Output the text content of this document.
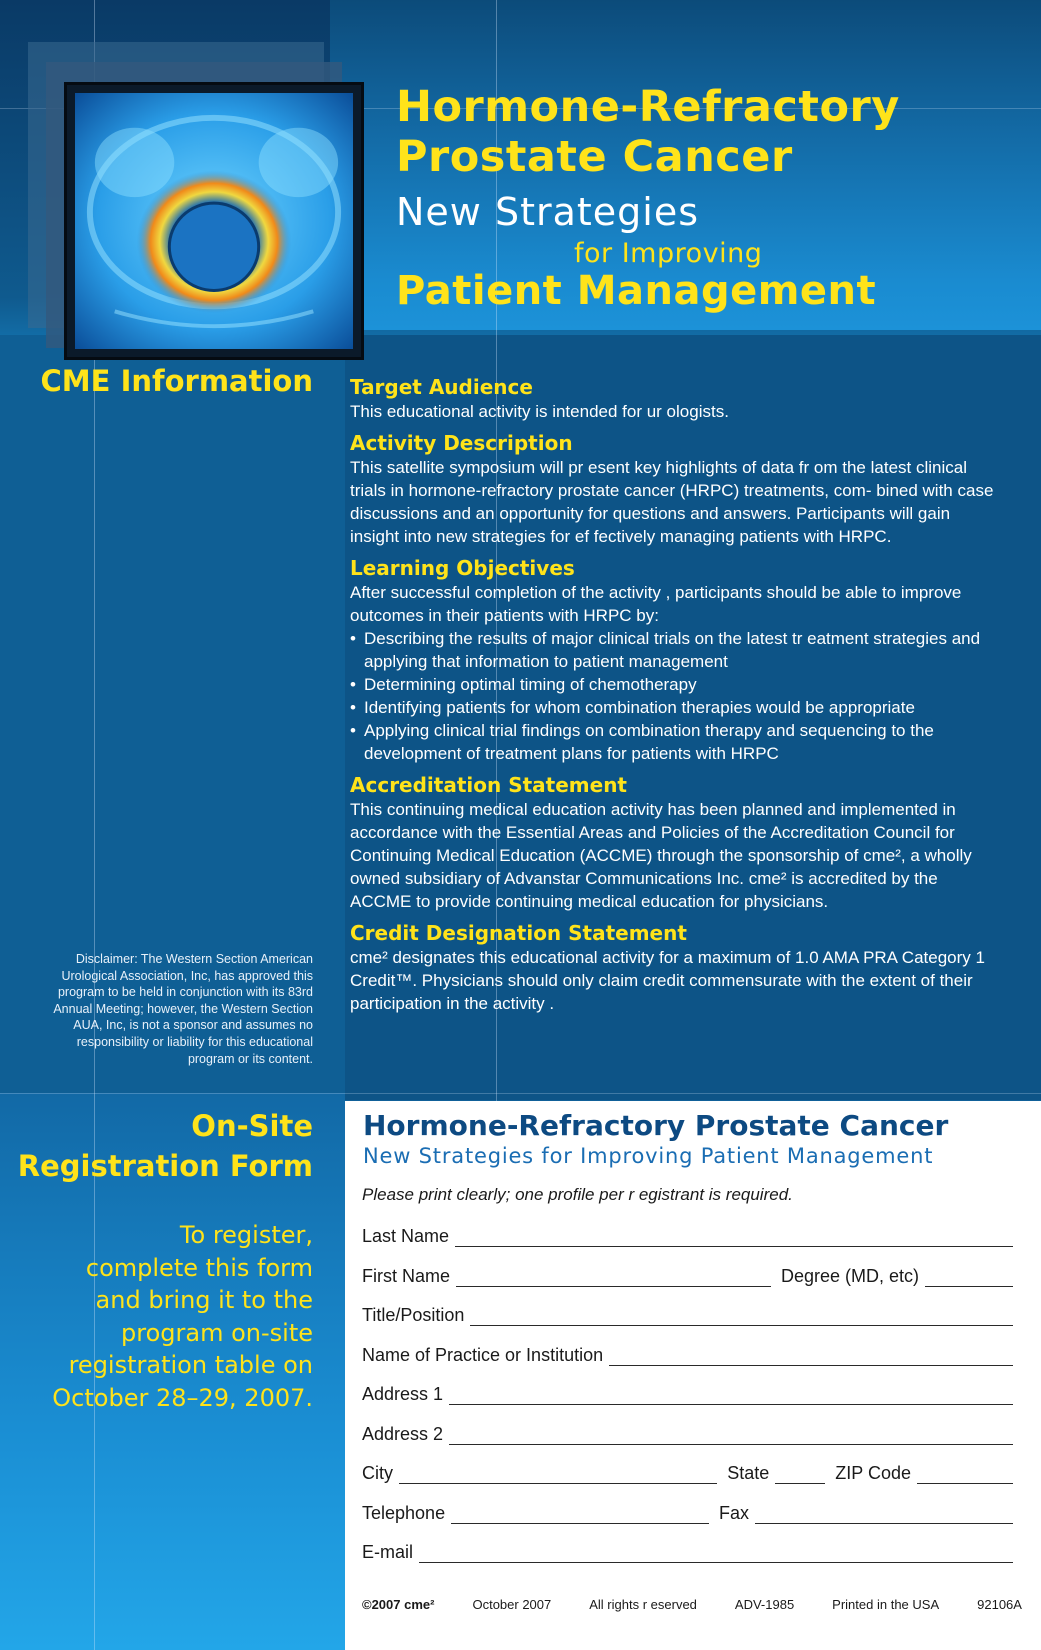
Hormone-Refractory
Prostate Cancer
New Strategies
for Improving
Patient Management
CME Information Target Audience

This educational activity is intended for ur ologists.

Activity Description

This satellite symposium will pr esent key highlights of data fr om the latest clinical trials in hormone-refractory prostate cancer (HRPC) treatments, com- bined with case discussions and an opportunity for questions and answers. Participants will gain insight into new strategies for ef fectively managing patients with HRPC.

Learning Objectives

After successful completion of the activity , participants should be able to improve outcomes in their patients with HRPC by:

• Describing the results of major clinical trials on the latest tr eatment strategies and applying that information to patient management
• Determining optimal timing of chemotherapy
• Identifying patients for whom combination therapies would be appropriate
• Applying clinical trial findings on combination therapy and sequencing to the development of treatment plans for patients with HRPC
Accreditation Statement

This continuing medical education activity has been planned and implemented in accordance with the Essential Areas and Policies of the Accreditation Council for Continuing Medical Education (ACCME) through the sponsorship of cme², a wholly owned subsidiary of Advanstar Communications Inc. cme² is accredited by the ACCME to provide continuing medical education for physicians.

Credit Designation Statement

cme² designates this educational activity for a maximum of 1.0 AMA PRA Category 1 Credit™. Physicians should only claim credit commensurate with the extent of their participation in the activity .

Disclaimer: The Western Section American Urological Association, Inc, has approved this program to be held in conjunction with its 83rd Annual Meeting; however, the Western Section AUA, Inc, is not a sponsor and assumes no responsibility or liability for this educational program or its content.
On-Site
Registration Form
To register,
complete this form
and bring it to the
program on-site
registration table on
October 28–29, 2007.
Hormone-Refractory Prostate Cancer
New Strategies for Improving Patient Management
Please print clearly; one profile per r egistrant is required.
Last Name
First Name	Degree (MD, etc)
Title/Position
Name of Practice or Institution
Address 1
Address 2
City	State	ZIP Code
Telephone	Fax
E-mail
©2007 cme²	October 2007	All rights r eserved	ADV-1985	Printed in the USA	92106A
